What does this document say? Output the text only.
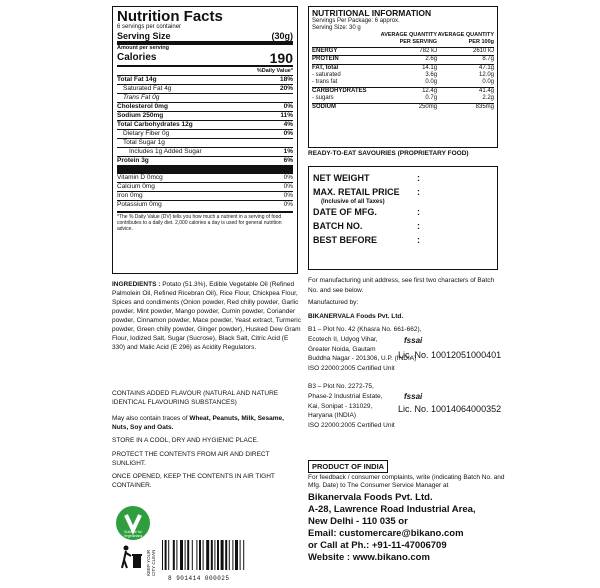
Nutrition Facts
6 servings per container
Serving Size	(30g)
Amount per serving
Calories	190
%Daily Value*
Total Fat 14g	18%
Saturated Fat 4g	20%
Trans Fat 0g
Cholesterol 0mg	0%
Sodium 250mg	11%
Total Carbohydrates 12g	4%
Dietary Fiber 0g	0%
Total Sugar 1g
Includes 1g Added Sugar	1%
Protein 3g	6%
Vitamin D 0mcg	0%
Calcium 0mg	0%
Iron 0mg	0%
Potassium 0mg	0%
*The % Daily Value (DV) tells you how much a nutrient in a serving of food contributes to a daily diet. 2,000 calories a day is used for general nutrition advice.
NUTRITIONAL INFORMATION
Servings Per Package: 6 approx.
Serving Size: 30 g
	AVERAGE QUANTITY PER SERVING	AVERAGE QUANTITY PER 100g
ENERGY	782 kJ	2610 kJ
PROTEIN	2.6g	8.7g
FAT, total	14.1g	47.1g
- saturated	3.6g	12.0g
- trans fat	0.0g	0.0g
CARBOHYDRATES	12.4g	41.4g
- sugars	0.7g	2.2g
SODIUM	250mg	835mg
READY-TO-EAT SAVOURIES (PROPRIETARY FOOD)
NET WEIGHT	:
MAX. RETAIL PRICE	:
(Inclusive of all Taxes)
DATE OF MFG.	:
BATCH NO.	:
BEST BEFORE	:
For manufacturing unit address, see first two characters of Batch No. and see below.
Manufactured by:
BIKANERVALA Foods Pvt. Ltd.
B1 – Plot No. 42 (Khasra No. 661-662),
Ecotech II, Udyog Vihar,
Greater Noida, Gautam
Buddha Nagar - 201306, U.P. (INDIA)
ISO 22000:2005 Certified Unit
fssai
Lic. No. 10012051000401
B3 – Plot No. 2272-75,
Phase-2 Industrial Estate,
Kai, Sonipat - 131029,
Haryana (INDIA)
ISO 22000:2005 Certified Unit
fssai
Lic. No. 10014064000352
PRODUCT OF INDIA
For feedback / consumer complaints, write (indicating Batch No. and Mfg. Date) to The Consumer Service Manager at
Bikanervala Foods Pvt. Ltd.
A-28, Lawrence Road Industrial Area,
New Delhi - 110 035 or
Email: customercare@bikano.com
or Call at Ph.: +91-11-47006709
Website : www.bikano.com
INGREDIENTS : Potato (51.3%), Edible Vegetable Oil (Refined Palmolein Oil, Refined Ricebran Oil), Rice Flour, Chickpea Flour, Spices and condiments (Onion powder, Red chilly powder, Garlic powder, Mint powder, Mango powder, Cumin powder, Coriander powder, Cinnamon powder, Mace powder, Yeast extract, Turmeric powder, Green chilly powder, Ginger powder), Husked Dew Gram Flour, Iodized Salt, Sugar (Sucrose), Black Salt, Citric Acid (E 330) and Malic Acid (E 296) as Acidity Regulators.
CONTAINS ADDED FLAVOUR (NATURAL AND NATURE IDENTICAL FLAVOURING SUBSTANCES)
May also contain traces of Wheat, Peanuts, Milk, Sesame, Nuts, Soy and Oats.
STORE IN A COOL, DRY AND HYGIENIC PLACE.
PROTECT THE CONTENTS FROM AIR AND DIRECT SUNLIGHT.
ONCE OPENED, KEEP THE CONTENTS IN AIR TIGHT CONTAINER.
Suitable for Vegetarians
KEEP YOUR CITY CLEAN
8 901414 000025
